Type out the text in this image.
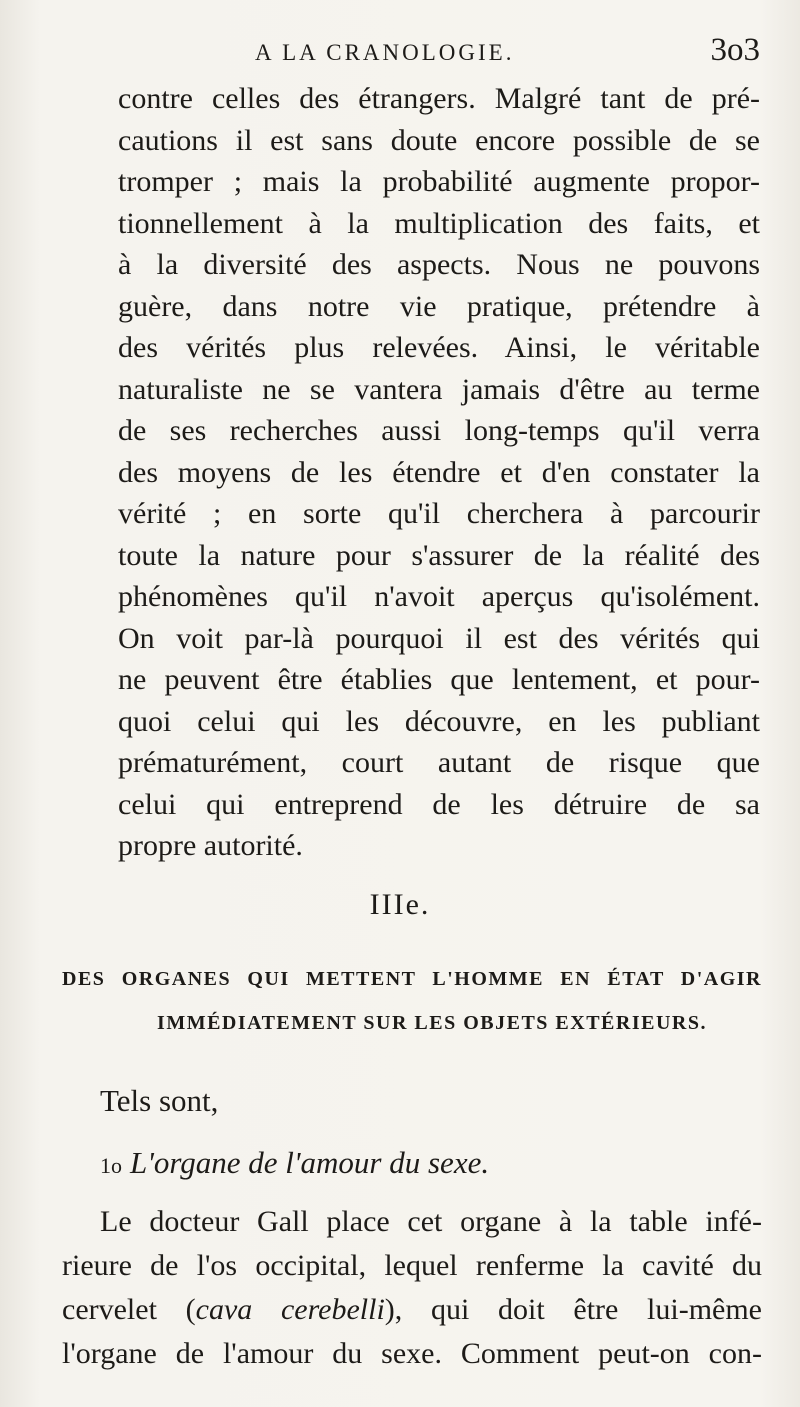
A LA CRANOLOGIE.	3o3
contre celles des étrangers. Malgré tant de pré-
cautions il est sans doute encore possible de se
tromper ; mais la probabilité augmente propor-
tionnellement à la multiplication des faits, et
à la diversité des aspects. Nous ne pouvons
guère, dans notre vie pratique, prétendre à
des vérités plus relevées. Ainsi, le véritable
naturaliste ne se vantera jamais d'être au terme
de ses recherches aussi long-temps qu'il verra
des moyens de les étendre et d'en constater la
vérité ; en sorte qu'il cherchera à parcourir
toute la nature pour s'assurer de la réalité des
phénomènes qu'il n'avoit aperçus qu'isolément.
On voit par-là pourquoi il est des vérités qui
ne peuvent être établies que lentement, et pour-
quoi celui qui les découvre, en les publiant
prématurément, court autant de risque que
celui qui entreprend de les détruire de sa
propre autorité.
IIIe.
DES ORGANES QUI METTENT L'HOMME EN ÉTAT D'AGIR
IMMÉDIATEMENT SUR LES OBJETS EXTÉRIEURS.
Tels sont,
1o L'organe de l'amour du sexe.
Le docteur Gall place cet organe à la table infé-
rieure de l'os occipital, lequel renferme la cavité du
cervelet (cava cerebelli), qui doit être lui-même
l'organe de l'amour du sexe. Comment peut-on con-
